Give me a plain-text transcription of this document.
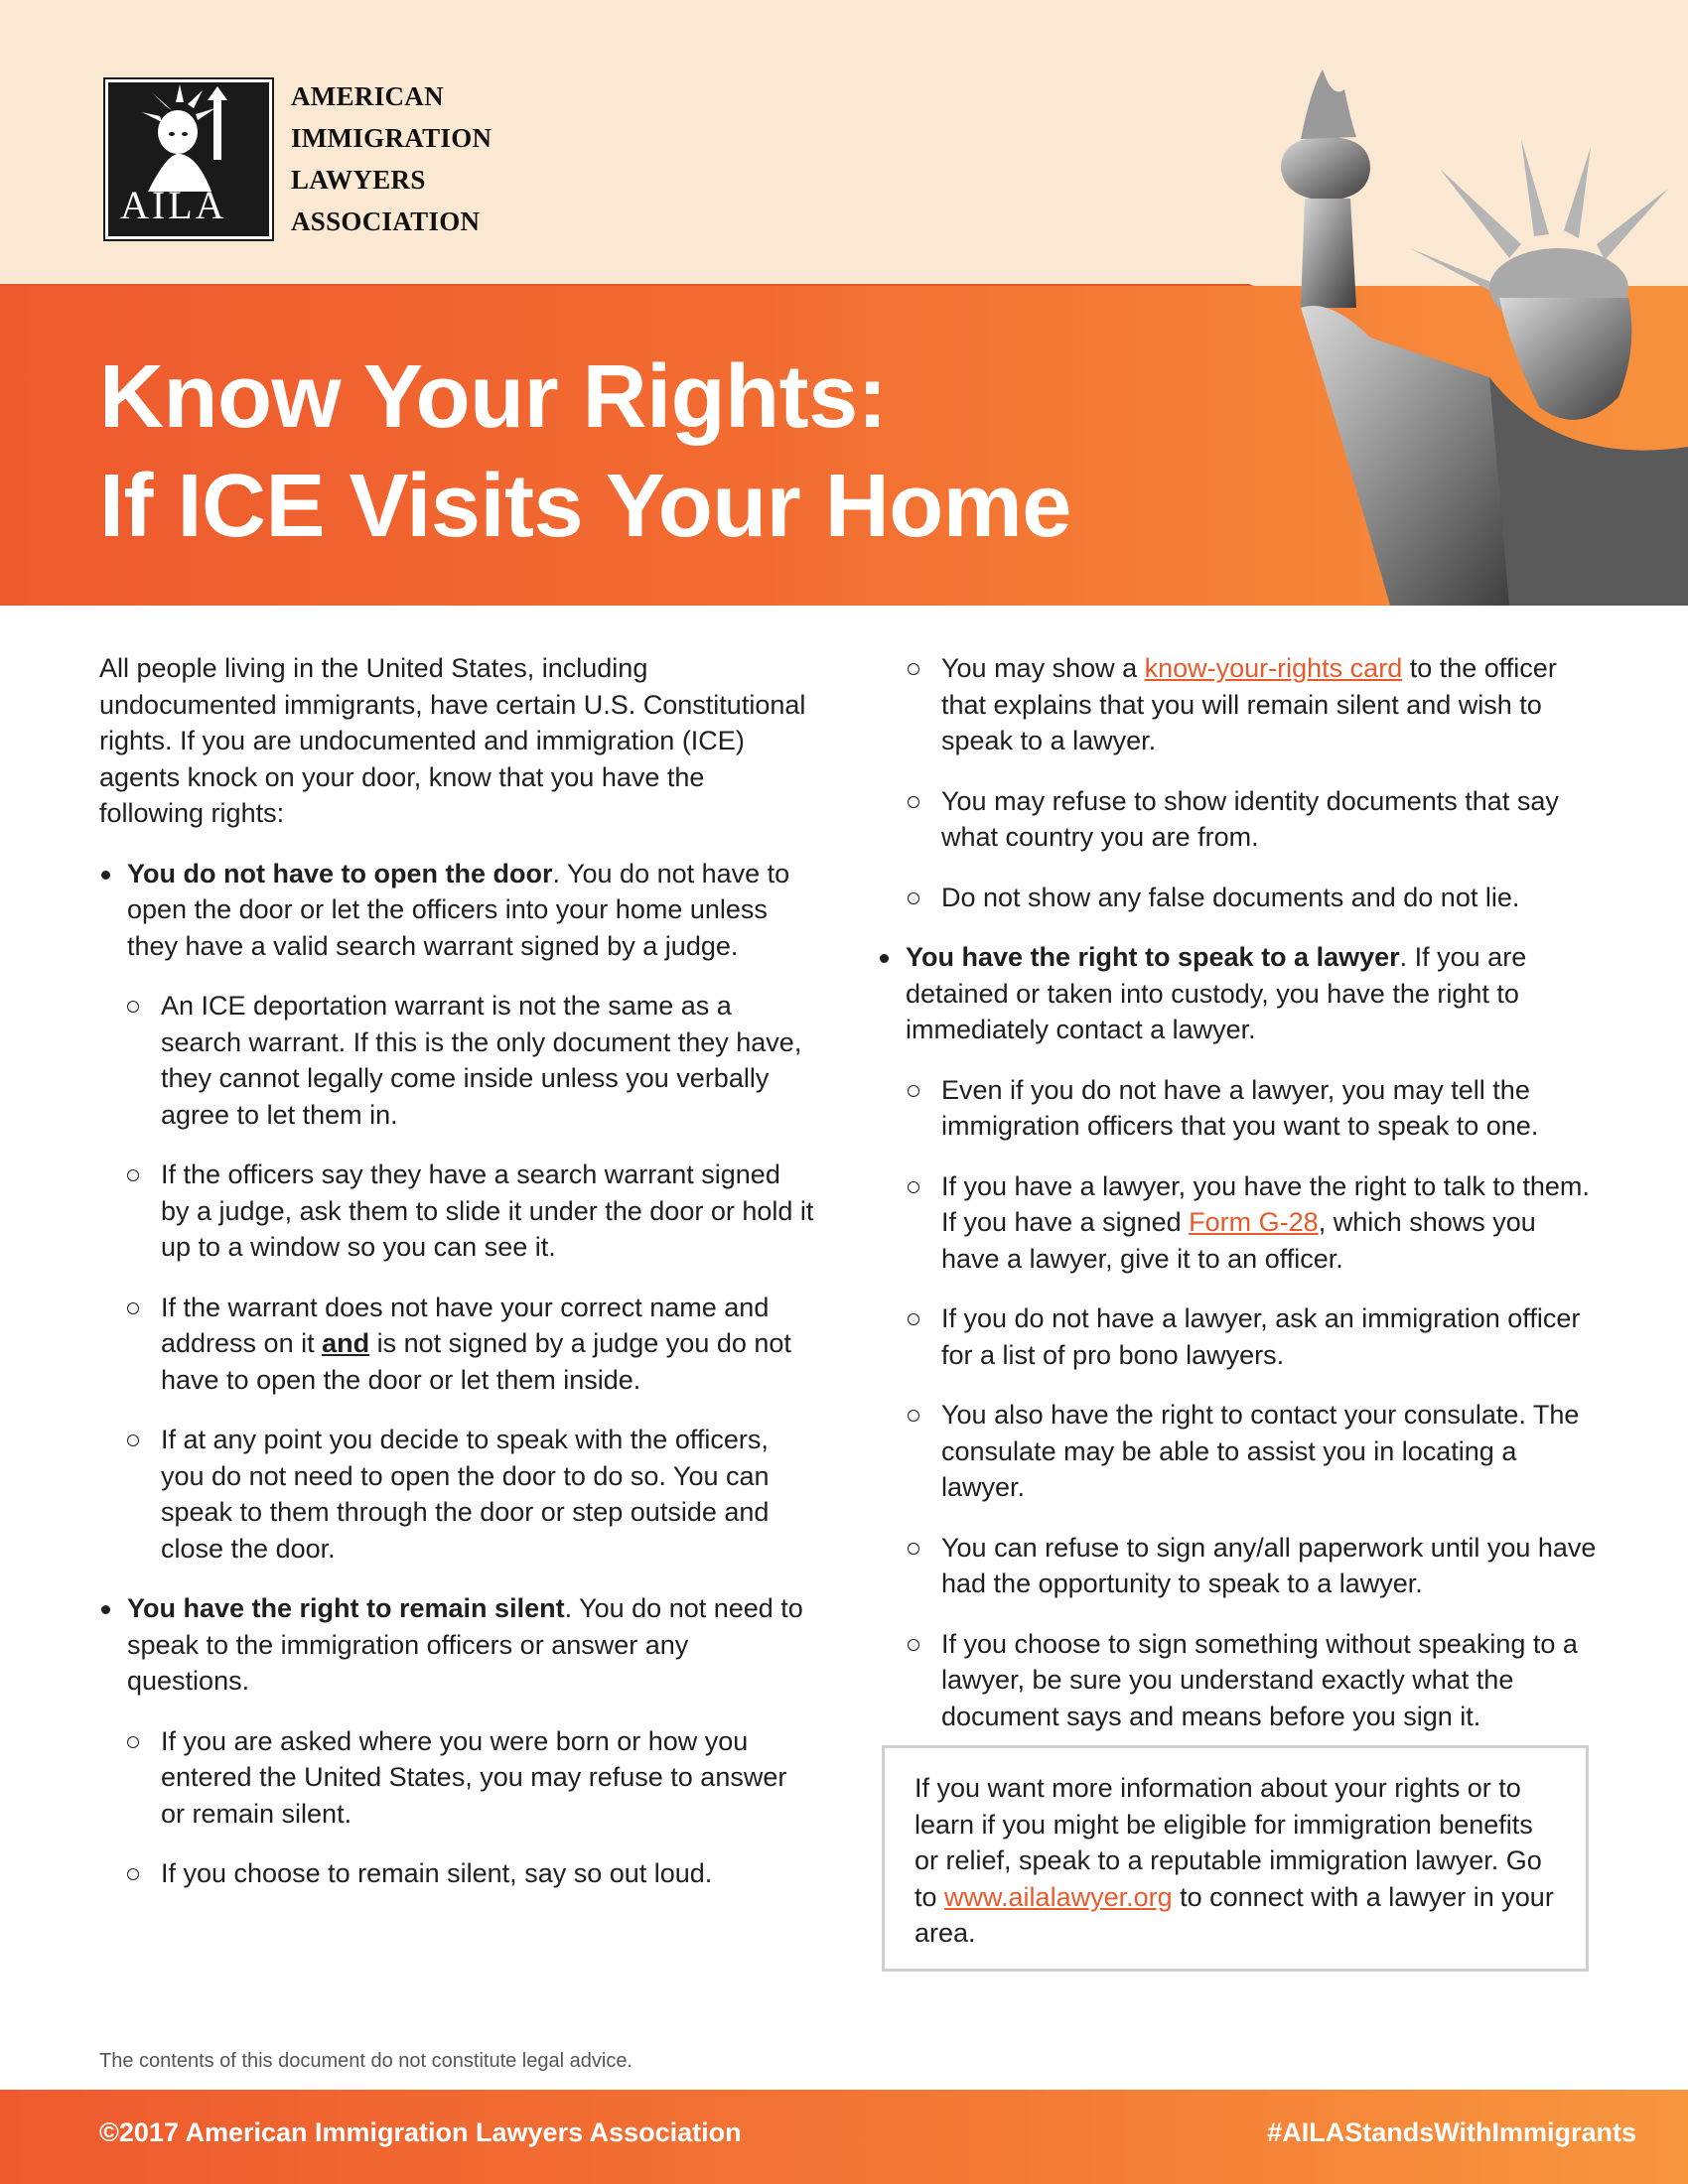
AILA
AMERICAN
IMMIGRATION
LAWYERS
ASSOCIATION
Know Your Rights:
If ICE Visits Your Home

All people living in the United States, including undocumented immigrants, have certain U.S. Constitutional rights. If you are undocumented and immigration (ICE) agents knock on your door, know that you have the following rights:

You do not have to open the door. You do not have to open the door or let the officers into your home unless they have a valid search warrant signed by a judge.
An ICE deportation warrant is not the same as a search warrant. If this is the only document they have, they cannot legally come inside unless you verbally agree to let them in.
If the officers say they have a search warrant signed by a judge, ask them to slide it under the door or hold it up to a window so you can see it.
If the warrant does not have your correct name and address on it and is not signed by a judge you do not have to open the door or let them inside.
If at any point you decide to speak with the officers, you do not need to open the door to do so. You can speak to them through the door or step outside and close the door.
You have the right to remain silent. You do not need to speak to the immigration officers or answer any questions.
If you are asked where you were born or how you entered the United States, you may refuse to answer or remain silent.
If you choose to remain silent, say so out loud.
You may show a know-your-rights card to the officer that explains that you will remain silent and wish to speak to a lawyer.
You may refuse to show identity documents that say what country you are from.
Do not show any false documents and do not lie.
You have the right to speak to a lawyer. If you are detained or taken into custody, you have the right to immediately contact a lawyer.
Even if you do not have a lawyer, you may tell the immigration officers that you want to speak to one.
If you have a lawyer, you have the right to talk to them. If you have a signed Form G-28, which shows you have a lawyer, give it to an officer.
If you do not have a lawyer, ask an immigration officer for a list of pro bono lawyers.
You also have the right to contact your consulate. The consulate may be able to assist you in locating a lawyer.
You can refuse to sign any/all paperwork until you have had the opportunity to speak to a lawyer.
If you choose to sign something without speaking to a lawyer, be sure you understand exactly what the document says and means before you sign it.
If you want more information about your rights or to learn if you might be eligible for immigration benefits or relief, speak to a reputable immigration lawyer. Go to www.ailalawyer.org to connect with a lawyer in your area.
The contents of this document do not constitute legal advice.
©2017 American Immigration Lawyers Association	#AILAStandsWithImmigrants
